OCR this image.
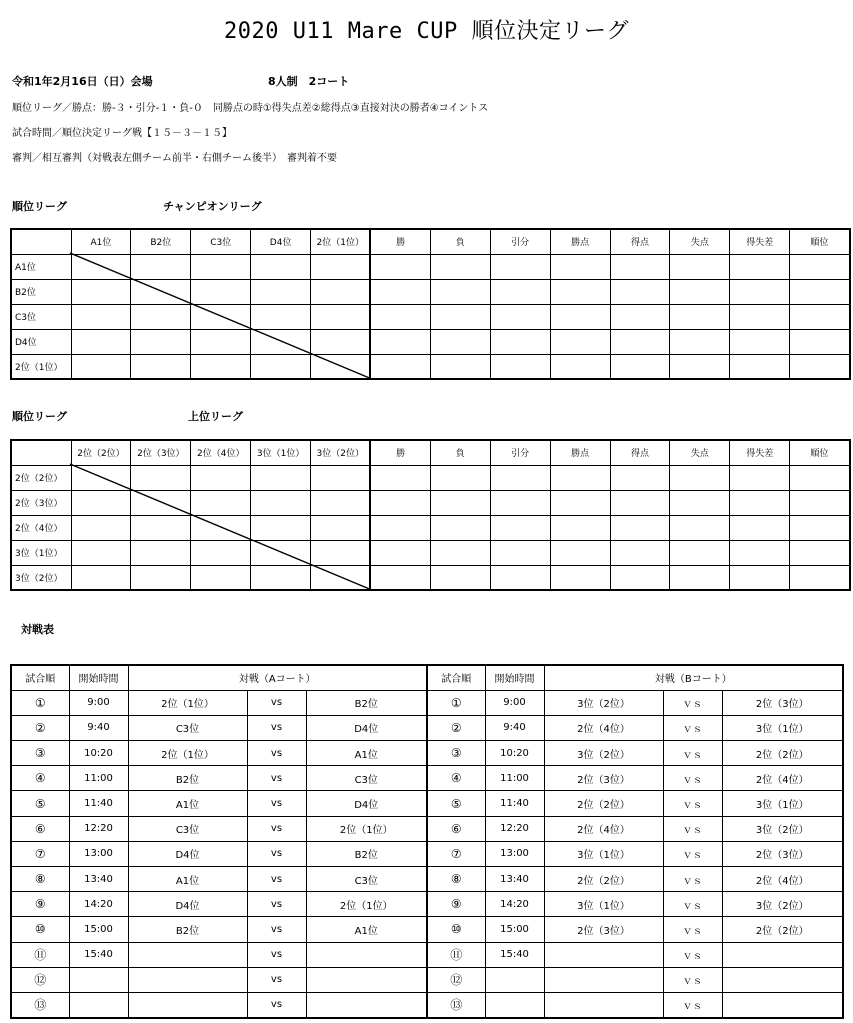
2020 U11 Mare CUP 順位決定リーグ
令和1年2月16日（日）会場	8人制　2コート
順位リーグ／勝点：勝-３・引分-１・負-０　同勝点の時①得失点差②総得点③直接対決の勝者④コイントス
試合時間／順位決定リーグ戦【１５－３－１５】
審判／相互審判（対戦表左側チーム前半・右側チーム後半）　審判着不要
順位リーグ	チャンピオンリーグ
	A1位	B2位	C3位	D4位	2位（1位）	勝	負	引分	勝点	得点	失点	得失差	順位
A1位													
B2位													
C3位													
D4位													
2位（1位）													
順位リーグ	上位リーグ
	2位（2位）	2位（3位）	2位（4位）	3位（1位）	3位（2位）	勝	負	引分	勝点	得点	失点	得失差	順位
2位（2位）													
2位（3位）													
2位（4位）													
3位（1位）													
3位（2位）													
対戦表
試合順	開始時間	対戦（Aコート）			試合順	開始時間	対戦（Bコート）		
①	9:00	2位（1位）	vs	B2位	①	9:00	3位（2位）	ｖｓ	2位（3位）
②	9:40	C3位	vs	D4位	②	9:40	2位（4位）	ｖｓ	3位（1位）
③	10:20	2位（1位）	vs	A1位	③	10:20	3位（2位）	ｖｓ	2位（2位）
④	11:00	B2位	vs	C3位	④	11:00	2位（3位）	ｖｓ	2位（4位）
⑤	11:40	A1位	vs	D4位	⑤	11:40	2位（2位）	ｖｓ	3位（1位）
⑥	12:20	C3位	vs	2位（1位）	⑥	12:20	2位（4位）	ｖｓ	3位（2位）
⑦	13:00	D4位	vs	B2位	⑦	13:00	3位（1位）	ｖｓ	2位（3位）
⑧	13:40	A1位	vs	C3位	⑧	13:40	2位（2位）	ｖｓ	2位（4位）
⑨	14:20	D4位	vs	2位（1位）	⑨	14:20	3位（1位）	ｖｓ	3位（2位）
⑩	15:00	B2位	vs	A1位	⑩	15:00	2位（3位）	ｖｓ	2位（2位）
⑪	15:40		vs		⑪	15:40		ｖｓ	
⑫			vs		⑫			ｖｓ	
⑬			vs		⑬			ｖｓ	
